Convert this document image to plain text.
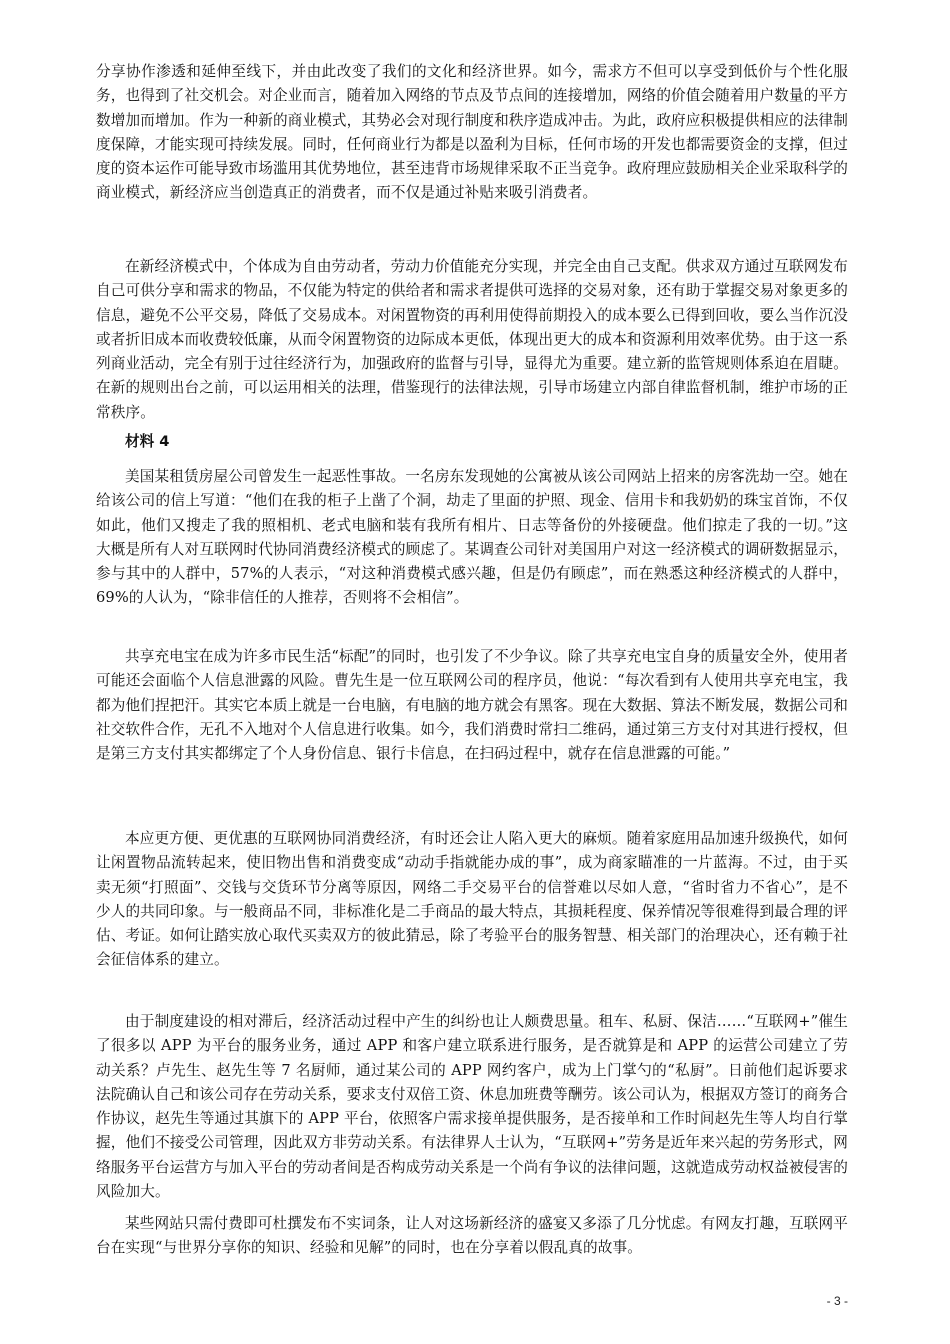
分享协作渗透和延伸至线下，并由此改变了我们的文化和经济世界。如今，需求方不但可以享受到低价与个性化服务，也得到了社交机会。对企业而言，随着加入网络的节点及节点间的连接增加，网络的价值会随着用户数量的平方数增加而增加。作为一种新的商业模式，其势必会对现行制度和秩序造成冲击。为此，政府应积极提供相应的法律制度保障，才能实现可持续发展。同时，任何商业行为都是以盈利为目标，任何市场的开发也都需要资金的支撑，但过度的资本运作可能导致市场滥用其优势地位，甚至违背市场规律采取不正当竞争。政府理应鼓励相关企业采取科学的商业模式，新经济应当创造真正的消费者，而不仅是通过补贴来吸引消费者。

在新经济模式中，个体成为自由劳动者，劳动力价值能充分实现，并完全由自己支配。供求双方通过互联网发布自己可供分享和需求的物品，不仅能为特定的供给者和需求者提供可选择的交易对象，还有助于掌握交易对象更多的信息，避免不公平交易，降低了交易成本。对闲置物资的再利用使得前期投入的成本要么已得到回收，要么当作沉没或者折旧成本而收费较低廉，从而令闲置物资的边际成本更低，体现出更大的成本和资源利用效率优势。由于这一系列商业活动，完全有别于过往经济行为，加强政府的监督与引导，显得尤为重要。建立新的监管规则体系迫在眉睫。在新的规则出台之前，可以运用相关的法理，借鉴现行的法律法规，引导市场建立内部自律监督机制，维护市场的正常秩序。

材料 4

美国某租赁房屋公司曾发生一起恶性事故。一名房东发现她的公寓被从该公司网站上招来的房客洗劫一空。她在给该公司的信上写道：“他们在我的柜子上凿了个洞，劫走了里面的护照、现金、信用卡和我奶奶的珠宝首饰，不仅如此，他们又搜走了我的照相机、老式电脑和装有我所有相片、日志等备份的外接硬盘。他们掠走了我的一切。”这大概是所有人对互联网时代协同消费经济模式的顾虑了。某调查公司针对美国用户对这一经济模式的调研数据显示，参与其中的人群中，57%的人表示，“对这种消费模式感兴趣，但是仍有顾虑”，而在熟悉这种经济模式的人群中，69%的人认为，“除非信任的人推荐，否则将不会相信”。

共享充电宝在成为许多市民生活“标配”的同时，也引发了不少争议。除了共享充电宝自身的质量安全外，使用者可能还会面临个人信息泄露的风险。曹先生是一位互联网公司的程序员，他说：“每次看到有人使用共享充电宝，我都为他们捏把汗。其实它本质上就是一台电脑，有电脑的地方就会有黑客。现在大数据、算法不断发展，数据公司和社交软件合作，无孔不入地对个人信息进行收集。如今，我们消费时常扫二维码，通过第三方支付对其进行授权，但是第三方支付其实都绑定了个人身份信息、银行卡信息，在扫码过程中，就存在信息泄露的可能。”

本应更方便、更优惠的互联网协同消费经济，有时还会让人陷入更大的麻烦。随着家庭用品加速升级换代，如何让闲置物品流转起来，使旧物出售和消费变成“动动手指就能办成的事”，成为商家瞄准的一片蓝海。不过，由于买卖无须“打照面”、交钱与交货环节分离等原因，网络二手交易平台的信誉难以尽如人意，“省时省力不省心”，是不少人的共同印象。与一般商品不同，非标准化是二手商品的最大特点，其损耗程度、保养情况等很难得到最合理的评估、考证。如何让踏实放心取代买卖双方的彼此猜忌，除了考验平台的服务智慧、相关部门的治理决心，还有赖于社会征信体系的建立。

由于制度建设的相对滞后，经济活动过程中产生的纠纷也让人颇费思量。租车、私厨、保洁……“互联网+”催生了很多以 APP 为平台的服务业务，通过 APP 和客户建立联系进行服务，是否就算是和 APP 的运营公司建立了劳动关系？卢先生、赵先生等 7 名厨师，通过某公司的 APP 网约客户，成为上门掌勺的“私厨”。日前他们起诉要求法院确认自己和该公司存在劳动关系，要求支付双倍工资、休息加班费等酬劳。该公司认为，根据双方签订的商务合作协议，赵先生等通过其旗下的 APP 平台，依照客户需求接单提供服务，是否接单和工作时间赵先生等人均自行掌握，他们不接受公司管理，因此双方非劳动关系。有法律界人士认为，“互联网+”劳务是近年来兴起的劳务形式，网络服务平台运营方与加入平台的劳动者间是否构成劳动关系是一个尚有争议的法律问题，这就造成劳动权益被侵害的风险加大。

某些网站只需付费即可杜撰发布不实词条，让人对这场新经济的盛宴又多添了几分忧虑。有网友打趣，互联网平台在实现“与世界分享你的知识、经验和见解”的同时，也在分享着以假乱真的故事。

- 3 -
